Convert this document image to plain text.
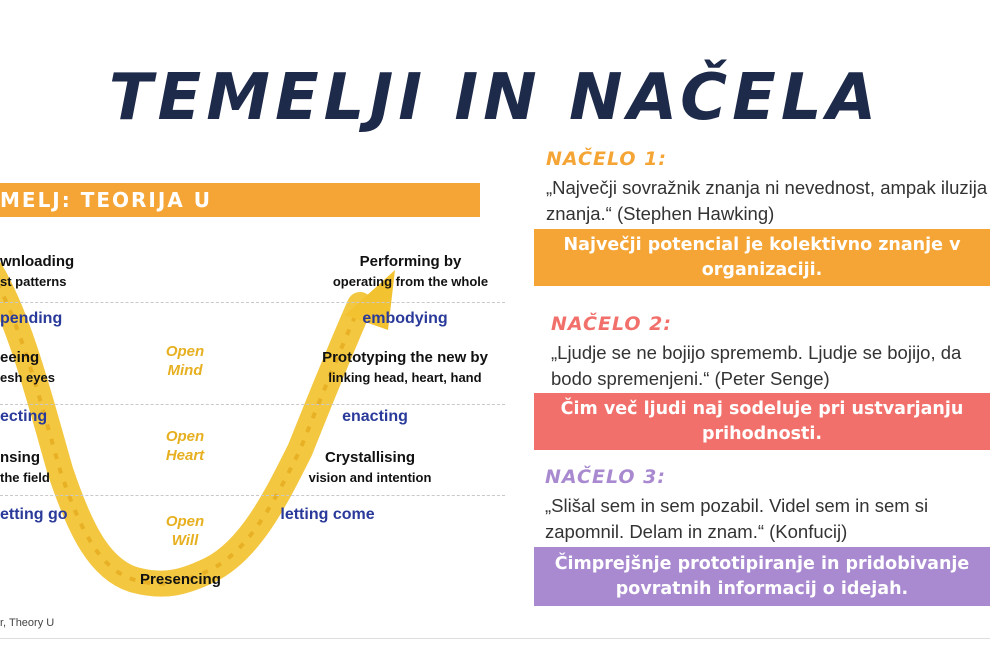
TEMELJI IN NAČELA
MELJ: TEORIJA U
wnloading
st patterns
pending
eeing
esh eyes
ecting
nsing
the field
etting go
Performing by
operating from the whole
embodying
Prototyping the new by
linking head, heart, hand
enacting
Crystallising
vision and intention
letting come
Open
Mind
Open
Heart
Open
Will
Presencing
r, Theory U
NAČELO 1:
„Največji sovražnik znanja ni nevednost, ampak iluzija znanja.“ (Stephen Hawking)
Največji potencial je kolektivno znanje v organizaciji.
NAČELO 2:
„Ljudje se ne bojijo sprememb. Ljudje se bojijo, da bodo spremenjeni.“ (Peter Senge)
Čim več ljudi naj sodeluje pri ustvarjanju prihodnosti.
NAČELO 3:
„Slišal sem in sem pozabil. Videl sem in sem si zapomnil. Delam in znam.“ (Konfucij)
Čimprejšnje prototipiranje in pridobivanje povratnih informacij o idejah.
